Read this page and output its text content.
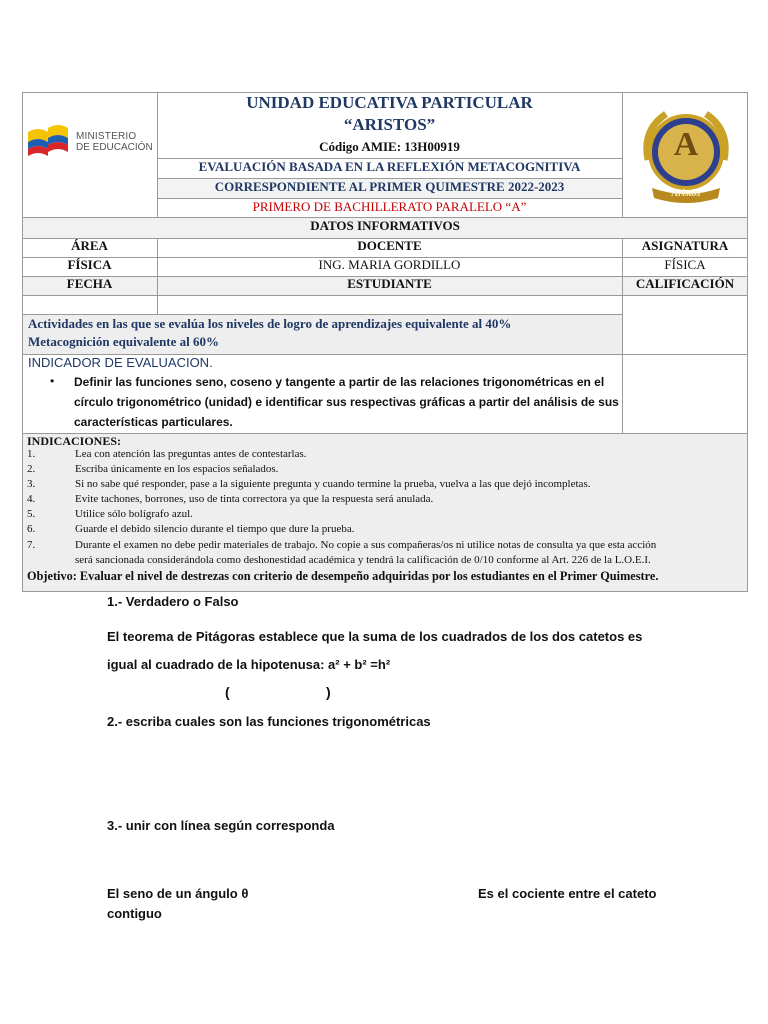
MINISTERIO
DE EDUCACIÓN
UNIDAD EDUCATIVA PARTICULAR
“ARISTOS”
Código AMIE: 13H00919
EVALUACIÓN BASADA EN LA REFLEXIÓN METACOGNITIVA
CORRESPONDIENTE AL PRIMER QUIMESTRE 2022-2023
PRIMERO DE BACHILLERATO PARALELO “A”
A
Aristos
DATOS INFORMATIVOS
ÁREA	DOCENTE	ASIGNATURA
FÍSICA	ING. MARIA GORDILLO	FÍSICA
FECHA	ESTUDIANTE	CALIFICACIÓN
Actividades en las que se evalúa los niveles de logro de aprendizajes equivalente al 40%
Metacognición equivalente al 60%
INDICADOR DE EVALUACION.
• Definir las funciones seno, coseno y tangente a partir de las relaciones trigonométricas en el
círculo trigonométrico (unidad) e identificar sus respectivas gráficas a partir del análisis de sus
características particulares.
INDICACIONES:
1.	Lea con atención las preguntas antes de contestarlas.
2.	Escriba únicamente en los espacios señalados.
3.	Si no sabe qué responder, pase a la siguiente pregunta y cuando termine la prueba, vuelva a las que dejó incompletas.
4.	Evite tachones, borrones, uso de tinta correctora ya que la respuesta será anulada.
5.	Utilice sólo bolígrafo azul.
6.	Guarde el debido silencio durante el tiempo que dure la prueba.
7.	Durante el examen no debe pedir materiales de trabajo. No copie a sus compañeras/os ni utilice notas de consulta ya que esta acción
será sancionada considerándola como deshonestidad académica y tendrá la calificación de 0/10 conforme al Art. 226 de la L.O.E.I.
Objetivo: Evaluar el nivel de destrezas con criterio de desempeño adquiridas por los estudiantes en el Primer Quimestre.
1.- Verdadero o Falso
El teorema de Pitágoras establece que la suma de los cuadrados de los dos catetos es
igual al cuadrado de la hipotenusa: a² + b² =h²
(	)
2.- escriba cuales son las funciones trigonométricas
3.- unir con línea según corresponda
El seno de un ángulo θ
contiguo
Es el cociente entre el cateto
